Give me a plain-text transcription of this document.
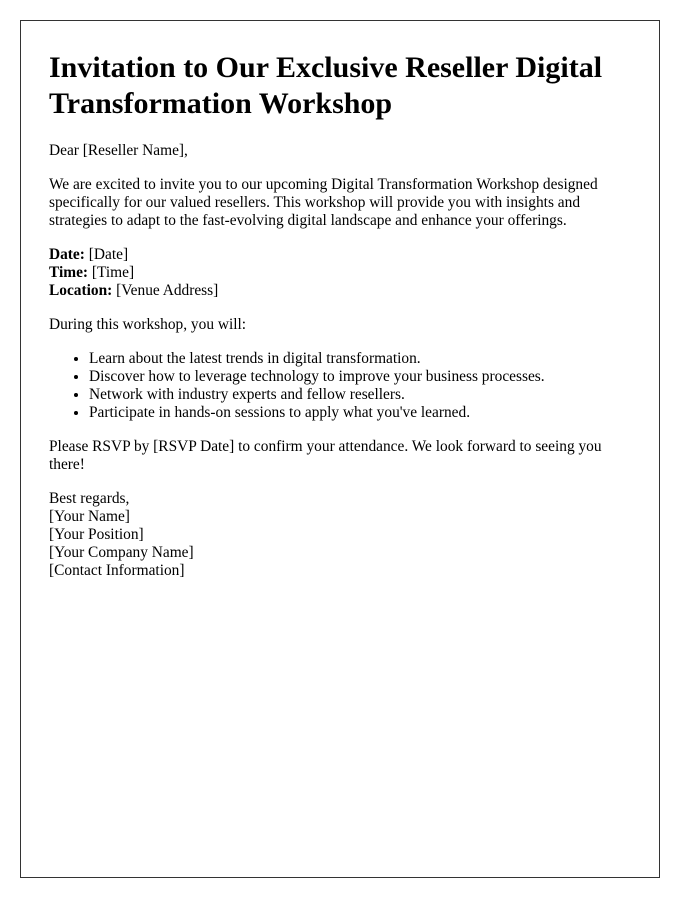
Invitation to Our Exclusive Reseller Digital Transformation Workshop

Dear [Reseller Name],

We are excited to invite you to our upcoming Digital Transformation Workshop designed specifically for our valued resellers. This workshop will provide you with insights and strategies to adapt to the fast-evolving digital landscape and enhance your offerings.

Date: [Date]
Time: [Time]
Location: [Venue Address]

During this workshop, you will:

• Learn about the latest trends in digital transformation.
• Discover how to leverage technology to improve your business processes.
• Network with industry experts and fellow resellers.
• Participate in hands-on sessions to apply what you've learned.

Please RSVP by [RSVP Date] to confirm your attendance. We look forward to seeing you there!

Best regards,
[Your Name]
[Your Position]
[Your Company Name]
[Contact Information]
